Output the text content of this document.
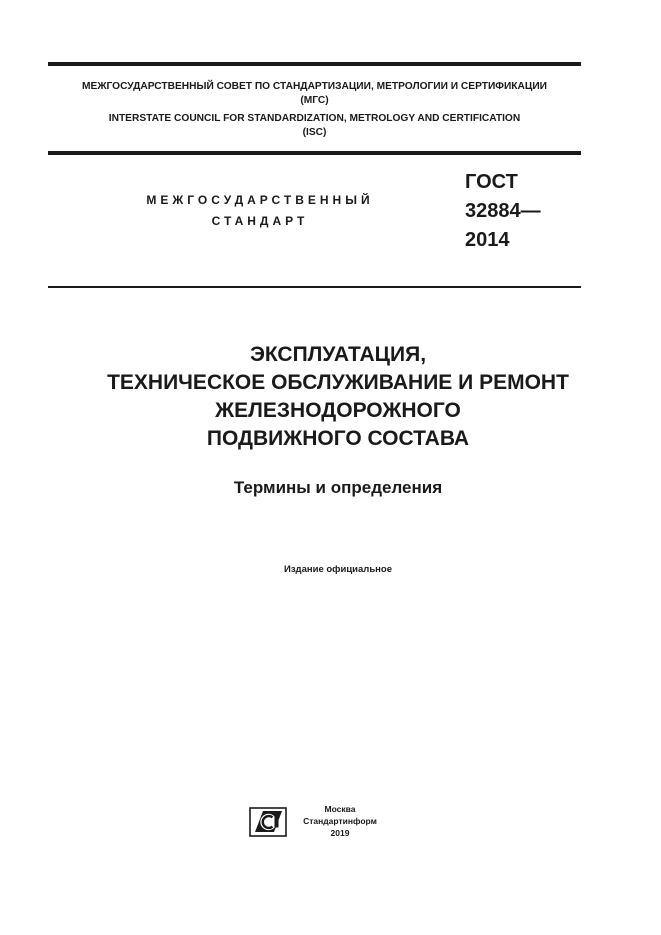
МЕЖГОСУДАРСТВЕННЫЙ СОВЕТ ПО СТАНДАРТИЗАЦИИ, МЕТРОЛОГИИ И СЕРТИФИКАЦИИ
(МГС)
INTERSTATE COUNCIL FOR STANDARDIZATION, METROLOGY AND CERTIFICATION
(ISC)
МЕЖГОСУДАРСТВЕННЫЙ
СТАНДАРТ
ГОСТ
32884—
2014
ЭКСПЛУАТАЦИЯ,
ТЕХНИЧЕСКОЕ ОБСЛУЖИВАНИЕ И РЕМОНТ
ЖЕЛЕЗНОДОРОЖНОГО
ПОДВИЖНОГО СОСТАВА
Термины и определения
Издание официальное
Москва
Стандартинформ
2019
